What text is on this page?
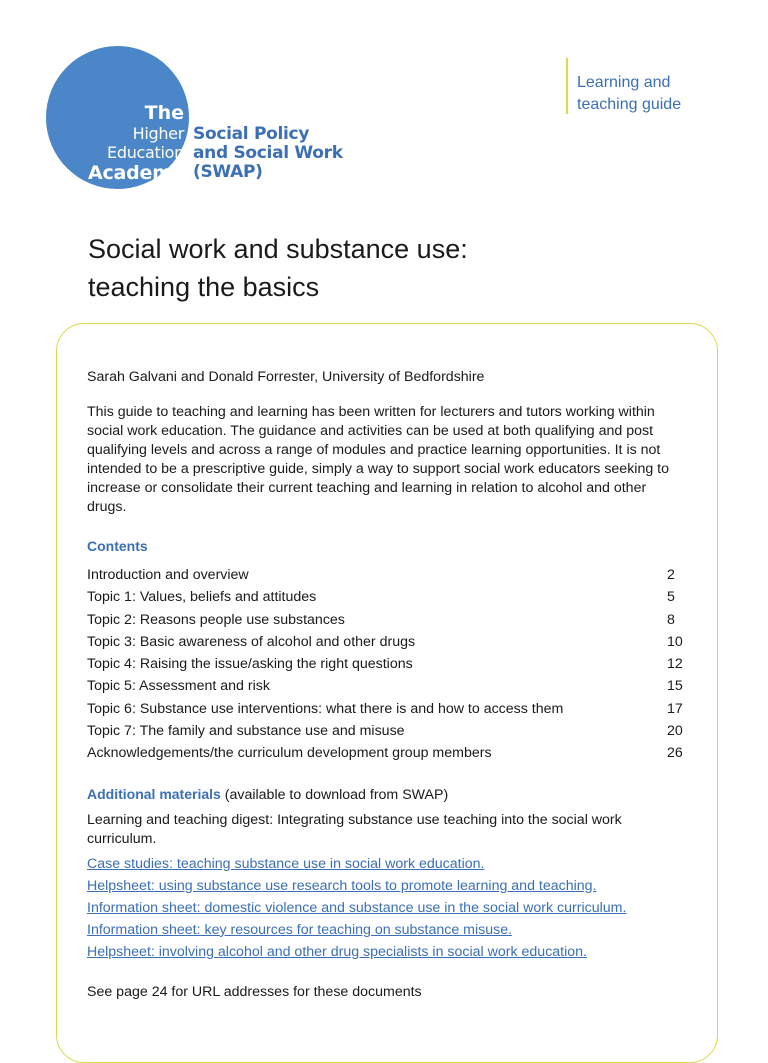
The
Higher
Education
Academy
Social Policy
and Social Work
(SWAP)
Learning and
teaching guide
Social work and substance use:
teaching the basics

Sarah Galvani and Donald Forrester, University of Bedfordshire

This guide to teaching and learning has been written for lecturers and tutors working within social work education. The guidance and activities can be used at both qualifying and post qualifying levels and across a range of modules and practice learning opportunities. It is not intended to be a prescriptive guide, simply a way to support social work educators seeking to increase or consolidate their current teaching and learning in relation to alcohol and other drugs.

Contents

Introduction and overview	2
Topic 1: Values, beliefs and attitudes	5
Topic 2: Reasons people use substances	8
Topic 3: Basic awareness of alcohol and other drugs	10
Topic 4: Raising the issue/asking the right questions	12
Topic 5: Assessment and risk	15
Topic 6: Substance use interventions: what there is and how to access them	17
Topic 7: The family and substance use and misuse	20
Acknowledgements/the curriculum development group members	26

Additional materials (available to download from SWAP)

Learning and teaching digest: Integrating substance use teaching into the social work curriculum.

Case studies: teaching substance use in social work education.
Helpsheet: using substance use research tools to promote learning and teaching.
Information sheet: domestic violence and substance use in the social work curriculum.
Information sheet: key resources for teaching on substance misuse.
Helpsheet: involving alcohol and other drug specialists in social work education.

See page 24 for URL addresses for these documents
